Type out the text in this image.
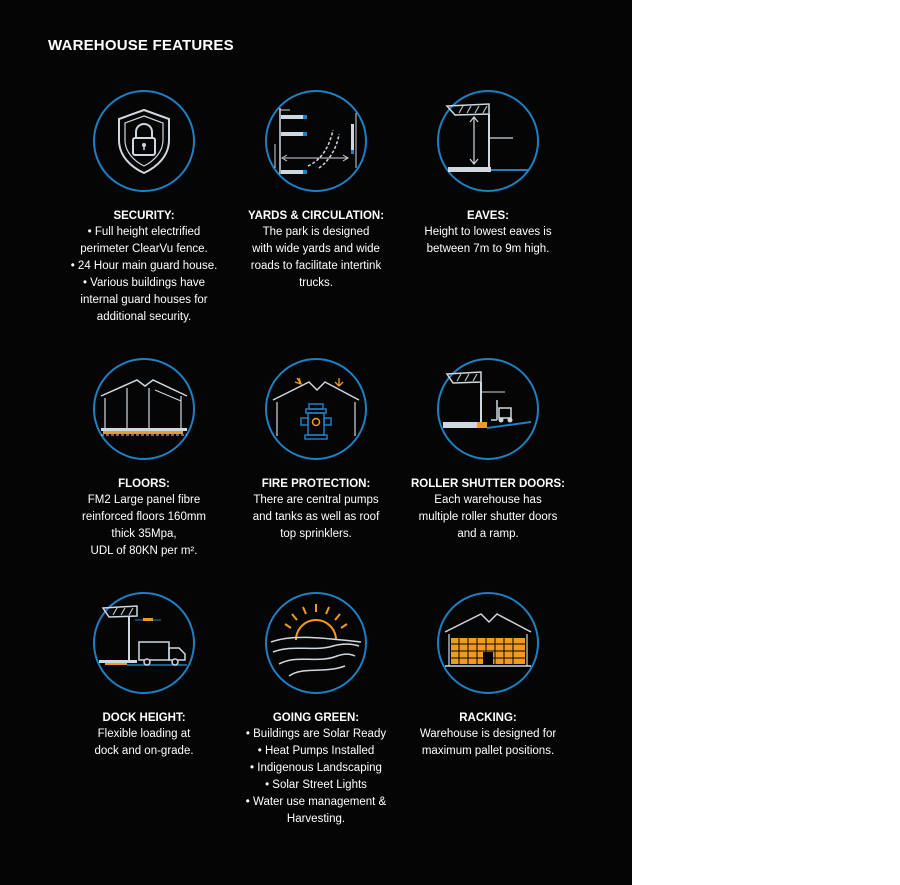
WAREHOUSE FEATURES
SECURITY:
• Full height electrified
perimeter ClearVu fence.
• 24 Hour main guard house.
• Various buildings have
internal guard houses for
additional security.
YARDS & CIRCULATION:
The park is designed
with wide yards and wide
roads to facilitate intertink
trucks.
EAVES:
Height to lowest eaves is
between 7m to 9m high.
FLOORS:
FM2 Large panel fibre
reinforced floors 160mm
thick 35Mpa,
UDL of 80KN per m².
FIRE PROTECTION:
There are central pumps
and tanks as well as roof
top sprinklers.
ROLLER SHUTTER DOORS:
Each warehouse has
multiple roller shutter doors
and a ramp.
DOCK HEIGHT:
Flexible loading at
dock and on-grade.
GOING GREEN:
• Buildings are Solar Ready
• Heat Pumps Installed
• Indigenous Landscaping
• Solar Street Lights
• Water use management &
Harvesting.
RACKING:
Warehouse is designed for
maximum pallet positions.
